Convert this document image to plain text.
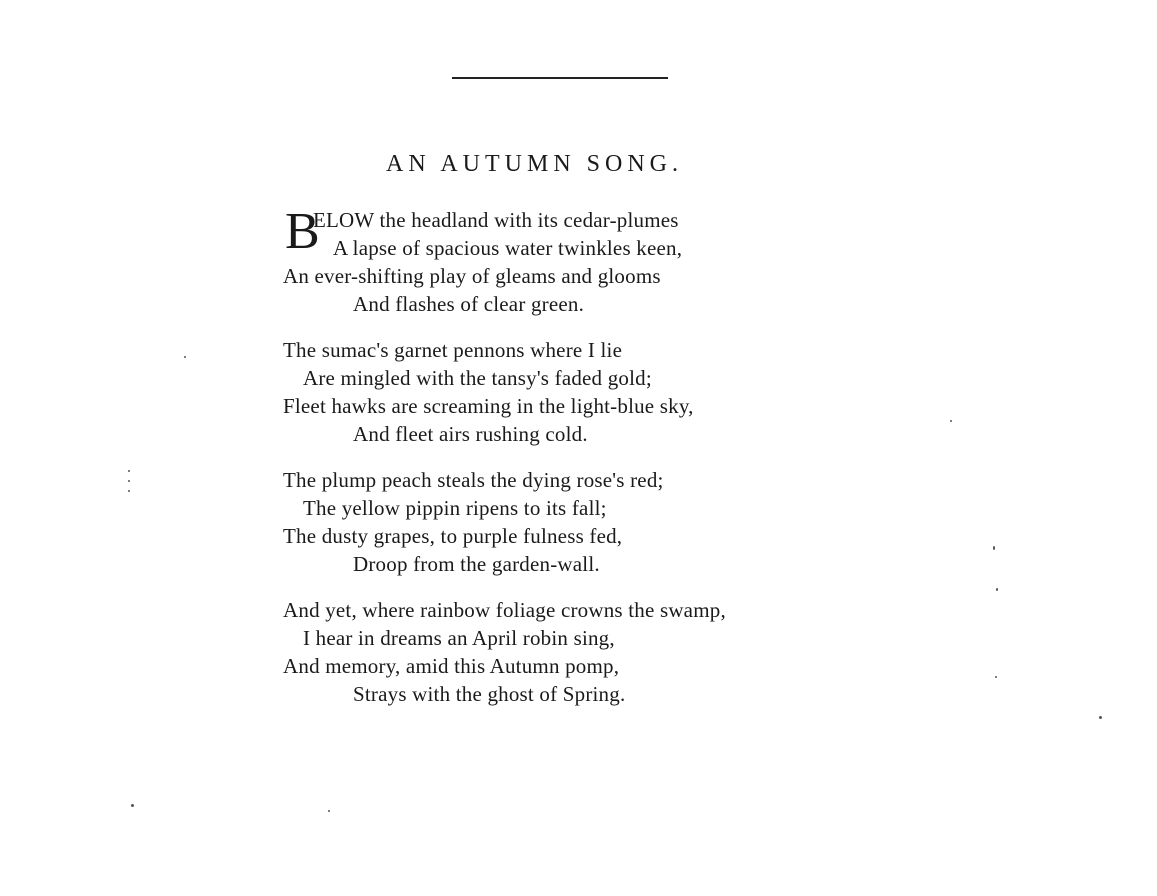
AN AUTUMN SONG.

B
ELOW the headland with its cedar-plumes
A lapse of spacious water twinkles keen,
An ever-shifting play of gleams and glooms
And flashes of clear green.

The sumac's garnet pennons where I lie
Are mingled with the tansy's faded gold;
Fleet hawks are screaming in the light-blue sky,
And fleet airs rushing cold.

The plump peach steals the dying rose's red;
The yellow pippin ripens to its fall;
The dusty grapes, to purple fulness fed,
Droop from the garden-wall.

And yet, where rainbow foliage crowns the swamp,
I hear in dreams an April robin sing,
And memory, amid this Autumn pomp,
Strays with the ghost of Spring.
